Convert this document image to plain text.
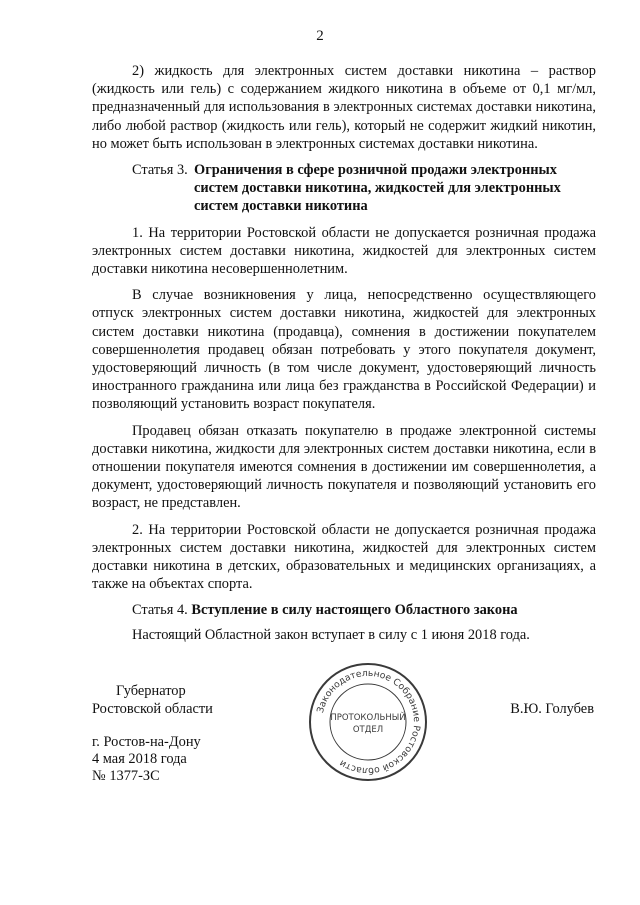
2

2) жидкость для электронных систем доставки никотина – раствор (жидкость или гель) с содержанием жидкого никотина в объеме от 0,1 мг/мл, предназначенный для использования в электронных системах доставки никотина, либо любой раствор (жидкость или гель), который не содержит жидкий никотин, но может быть использован в электронных системах доставки никотина.

Статья 3. Ограничения в сфере розничной продажи электронных систем доставки никотина, жидкостей для электронных систем доставки никотина

1. На территории Ростовской области не допускается розничная продажа электронных систем доставки никотина, жидкостей для электронных систем доставки никотина несовершеннолетним.

В случае возникновения у лица, непосредственно осуществляющего отпуск электронных систем доставки никотина, жидкостей для электронных систем доставки никотина (продавца), сомнения в достижении покупателем совершеннолетия продавец обязан потребовать у этого покупателя документ, удостоверяющий личность (в том числе документ, удостоверяющий личность иностранного гражданина или лица без гражданства в Российской Федерации) и позволяющий установить возраст покупателя.

Продавец обязан отказать покупателю в продаже электронной системы доставки никотина, жидкости для электронных систем доставки никотина, если в отношении покупателя имеются сомнения в достижении им совершеннолетия, а документ, удостоверяющий личность покупателя и позволяющий установить его возраст, не представлен.

2. На территории Ростовской области не допускается розничная продажа электронных систем доставки никотина, жидкостей для электронных систем доставки никотина в детских, образовательных и медицинских организациях, а также на объектах спорта.

Статья 4. Вступление в силу настоящего Областного закона

Настоящий Областной закон вступает в силу с 1 июня 2018 года.

Губернатор
Ростовской области	В.Ю. Голубев
г. Ростов-на-Дону
4 мая 2018 года
№ 1377-ЗС
Законодательное Собрание Ростовской области
ПРОТОКОЛЬНЫЙ
ОТДЕЛ
